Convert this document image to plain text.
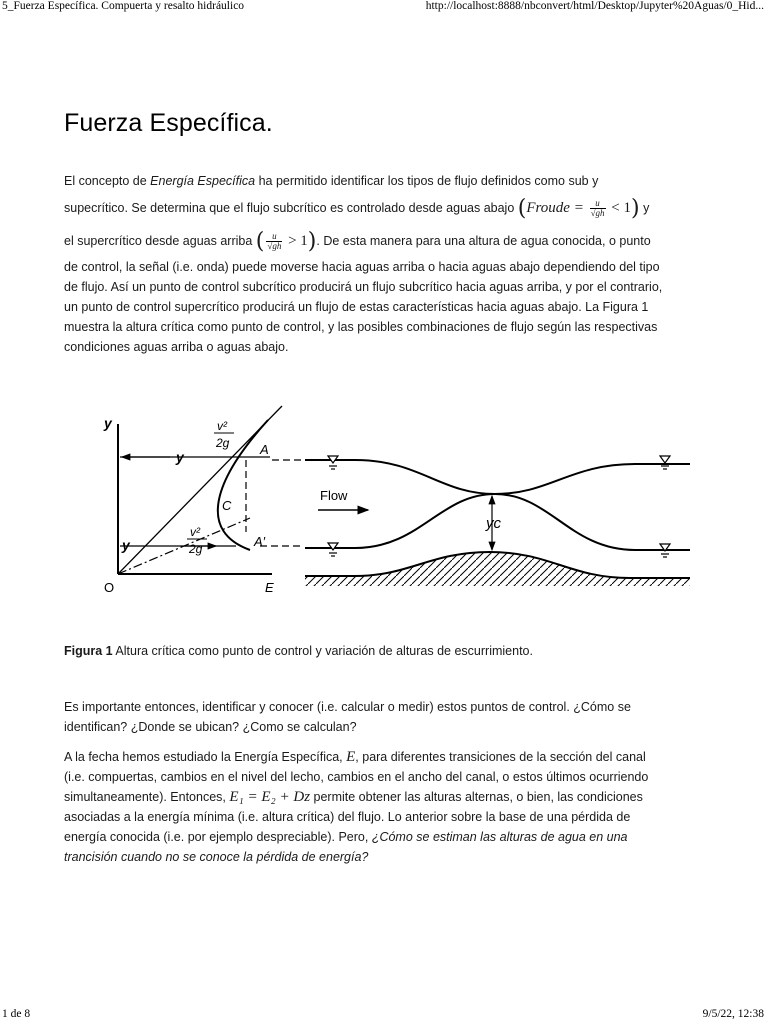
5_Fuerza Específica. Compuerta y resalto hidráulico	http://localhost:8888/nbconvert/html/Desktop/Jupyter%20Aguas/0_Hid...
Fuerza Específica.
El concepto de Energía Específica ha permitido identificar los tipos de flujo definidos como sub y
supecrítico. Se determina que el flujo subcrítico es controlado desde aguas abajo (Froude = $\frac{u}{√gh} < 1$) y
el supercrítico desde aguas arriba ( $\frac{u}{√gh} > 1$). De esta manera para una altura de agua conocida, o punto
de control, la señal (i.e. onda) puede moverse hacia aguas arriba o hacia aguas abajo dependiendo del tipo
de flujo. Así un punto de control subcrítico producirá un flujo subcrítico hacia aguas arriba, y por el contrario,
un punto de control supercrítico producirá un flujo de estas características hacia aguas abajo. La Figura 1
muestra la altura crítica como punto de control, y las posibles combinaciones de flujo según las respectivas
condiciones aguas arriba o aguas abajo.
y
y
y
v²
2g
v²
2g
A
A′
C
O	E
Flow
yc
Figura 1 Altura crítica como punto de control y variación de alturas de escurrimiento.
Es importante entonces, identificar y conocer (i.e. calcular o medir) estos puntos de control. ¿Cómo se
identifican? ¿Donde se ubican? ¿Como se calculan?
A la fecha hemos estudiado la Energía Específica, E, para diferentes transiciones de la sección del canal
(i.e. compuertas, cambios en el nivel del lecho, cambios en el ancho del canal, o estos últimos ocurriendo
simultaneamente). Entonces, E₁ = E₂ + Dz permite obtener las alturas alternas, o bien, las condiciones
asociadas a la energía mínima (i.e. altura crítica) del flujo. Lo anterior sobre la base de una pérdida de
energía conocida (i.e. por ejemplo despreciable). Pero, ¿Cómo se estiman las alturas de agua en una
trancisión cuando no se conoce la pérdida de energía?
1 de 8	9/5/22, 12:38
